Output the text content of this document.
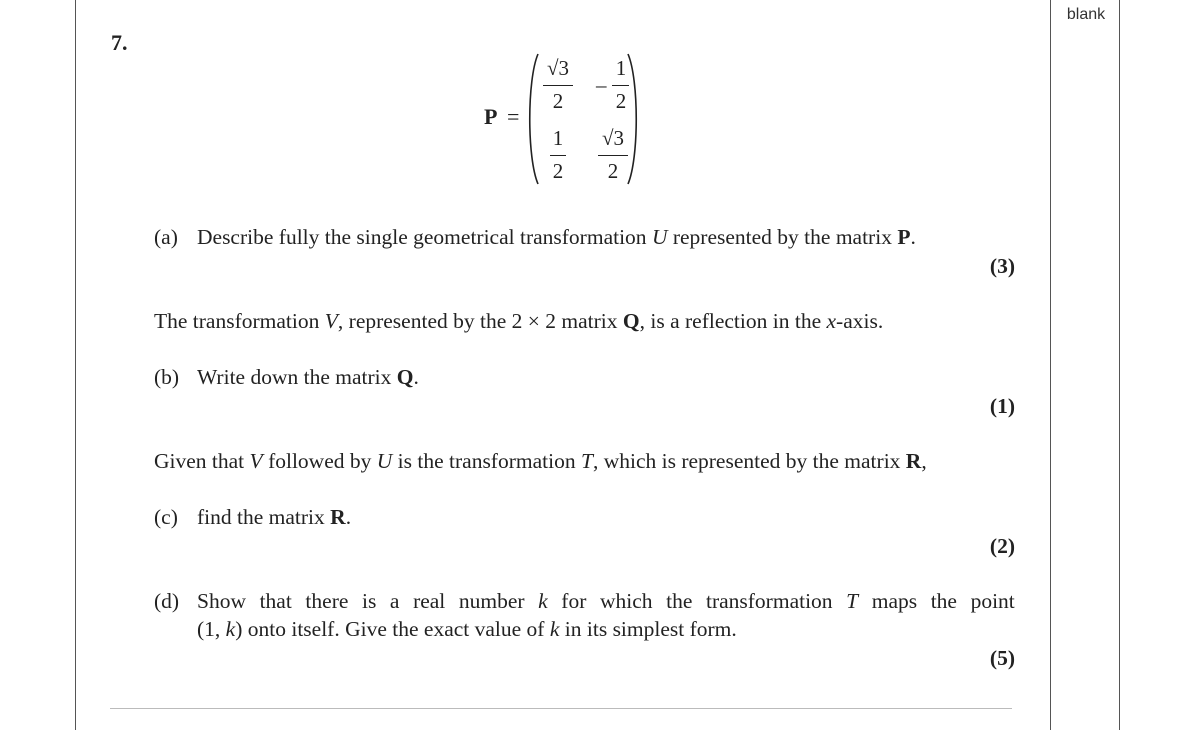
blank
7.
P =
√3
2
–
1
2
1
2
√3
2
(a) Describe fully the single geometrical transformation U represented by the matrix P.
(3)
The transformation V, represented by the 2 × 2 matrix Q, is a reflection in the x-axis.
(b) Write down the matrix Q.
(1)
Given that V followed by U is the transformation T, which is represented by the matrix R,
(c) find the matrix R.
(2)
(d) Show that there is a real number k for which the transformation T maps the point
(1, k) onto itself. Give the exact value of k in its simplest form.
(5)
